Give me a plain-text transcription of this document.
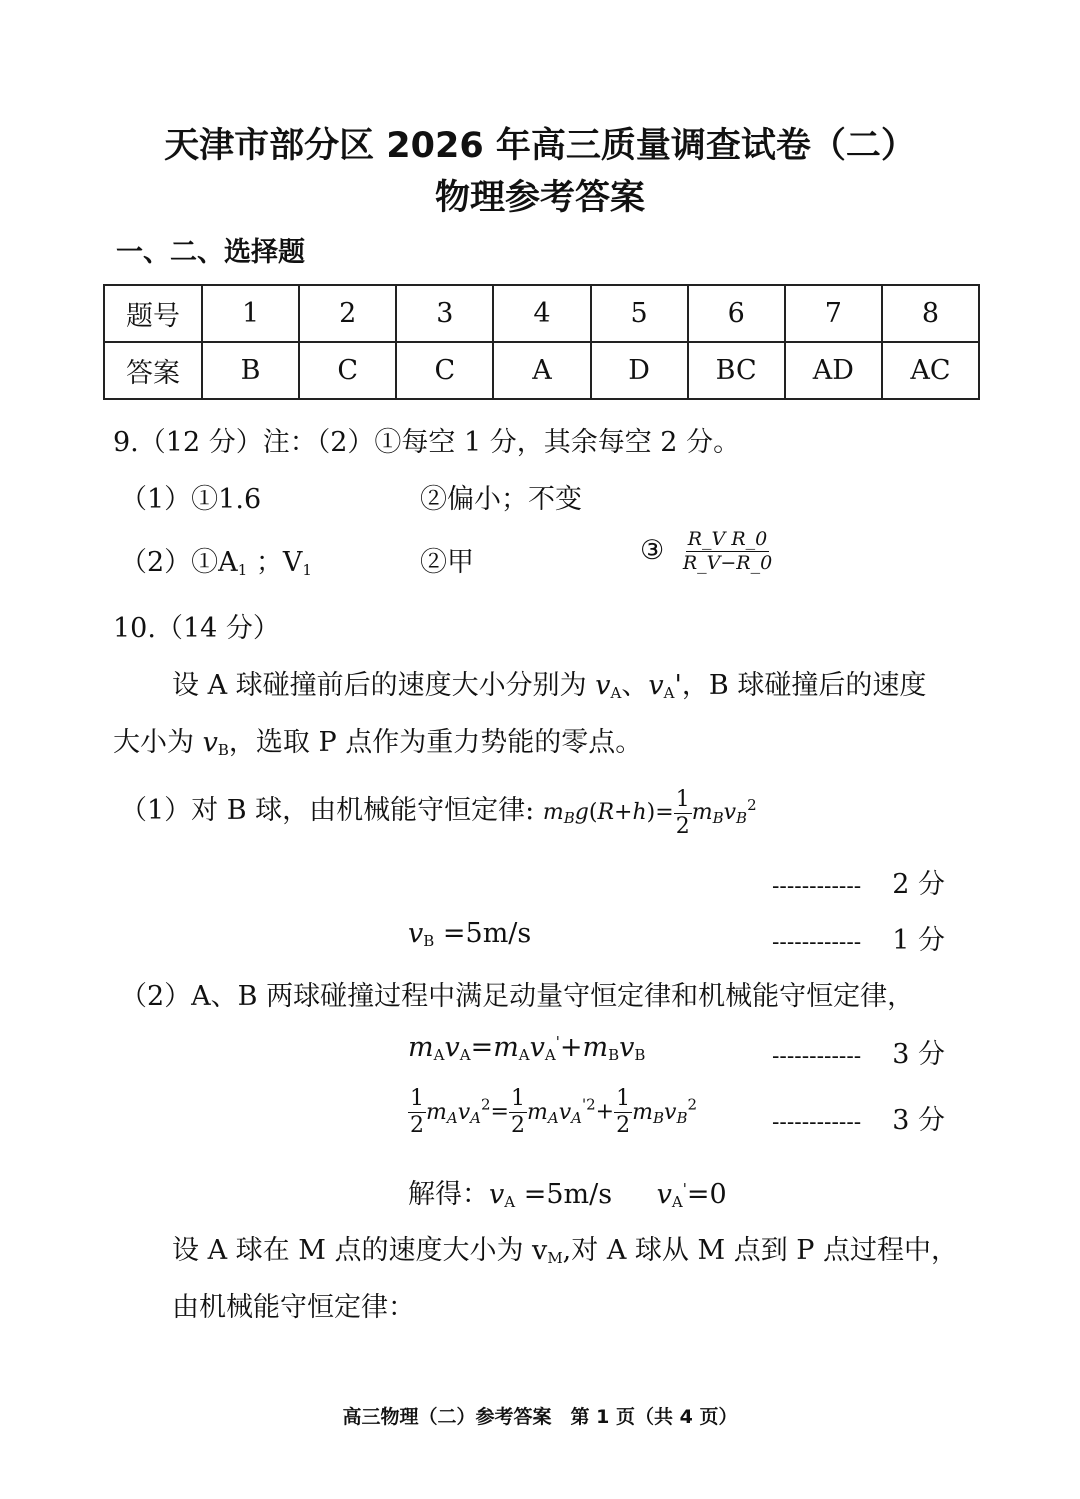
天津市部分区 2026 年高三质量调查试卷（二）
物理参考答案
一、二、选择题
题号	1	2	3	4	5	6	7	8
答案	B	C	C	A	D	BC	AD	AC
9.（12 分）注：（2）①每空 1 分，其余每空 2 分。
（1）①1.6	②偏小；不变
$(2)①A_1$ ；$V_1$	②甲	③ $\frac{\text{R\_V R\_0}}{R\_V-R\_0}$
10.（14 分）
设 A 球碰撞前后的速度大小分别为 $v_A$、$v_A'$，B 球碰撞后的速度
大小为 $v_B$，选取 P 点作为重力势能的零点。
（1）对 B 球，由机械能守恒定律: $m_Bg(R+h)= \frac{1}{2} m_Bv_B^2$
------------ 2 分
$v_B =5m/s$	------------ 1 分
（2）A、B 两球碰撞过程中满足动量守恒定律和机械能守恒定律，
$m_Av_A=m_Av_A'+m_Bv_B$	------------ 3 分
$\frac{1}{2} m_Av_A^2= \frac{1}{2} m_Av_A^{'2}+ \frac{1}{2} m_Bv_B^2$
------------ 3 分
解得：$v_A =5m/s$ $v_A'=0$
设 A 球在 M 点的速度大小为 $v_M$,对 A 球从 M 点到 P 点过程中，
由机械能守恒定律：
高三物理（二）参考答案　第 1 页（共 4 页）
